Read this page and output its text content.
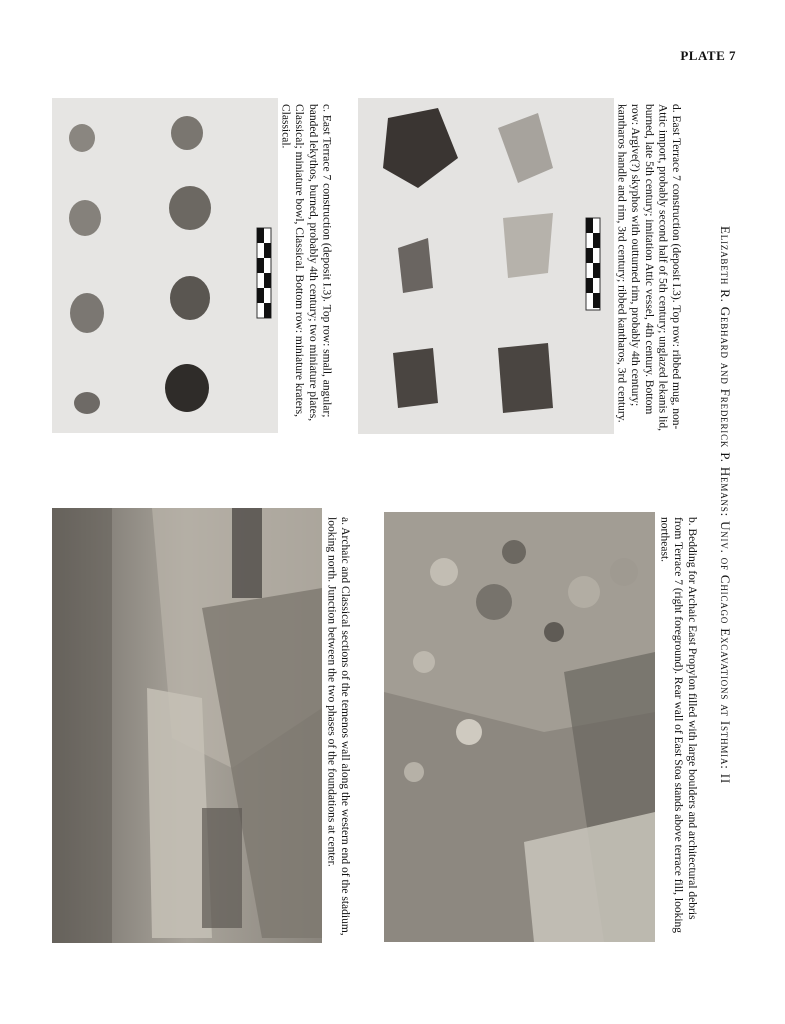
PLATE 7
a. Archaic and Classical sections of the temenos wall along the western end of the stadium, looking north. Junction between the two phases of the foundations at center.	b. Bedding for Archaic East Propylon filled with large boulders and architectural debris from Terrace 7 (right foreground). Rear wall of East Stoa stands above terrace fill, looking northeast.
c. East Terrace 7 construction (deposit I.3). Top row: small, angular; banded lekythos, burned, probably 4th century; two miniature plates, Classical; miniature bowl, Classical. Bottom row: miniature kraters, Classical.	d. East Terrace 7 construction (deposit I.3). Top row: ribbed mug, non-Attic import, probably second half of 5th century; unglazed lekanis lid, burned, late 5th century; imitation Attic vessel, 4th century. Bottom row: Argive(?) skyphos with outturned rim, probably 4th century; kantharos handle and rim, 3rd century; ribbed kantharos, 3rd century.	Elizabeth R. Gebhard and Frederick P. Hemans: Univ. of Chicago Excavations at Isthmia: II
